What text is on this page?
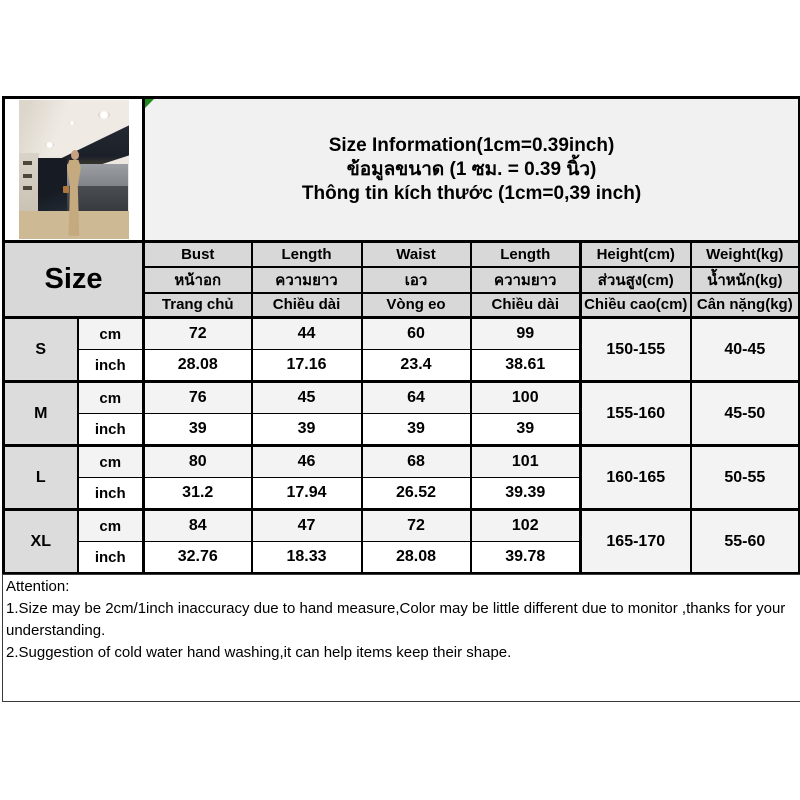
		Size Information(1cm=0.39inch)
ข้อมูลขนาด (1 ซม. = 0.39 นิ้ว)
Thông tin kích thước (1cm=0,39 inch)					

Size		Bust	Length	Waist	Length	Height(cm)	Weight(kg)
		หน้าอก	ความยาว	เอว	ความยาว	ส่วนสูง(cm)	น้ำหนัก(kg)
		Trang chủ	Chiều dài	Vòng eo	Chiều dài	Chiều cao(cm)	Cân nặng(kg)
S	cm	72	44	60	99	150-155	40-45
	inch	28.08	17.16	23.4	38.61		
M	cm	76	45	64	100	155-160	45-50
	inch	39	39	39	39		
L	cm	80	46	68	101	160-165	50-55
	inch	31.2	17.94	26.52	39.39		
XL	cm	84	47	72	102	165-170	55-60
	inch	32.76	18.33	28.08	39.78		
Attention:
1.Size may be 2cm/1inch inaccuracy due to hand measure,Color may be little different due to monitor ,thanks for your understanding.
2.Suggestion of cold water hand washing,it can help items keep their shape.
